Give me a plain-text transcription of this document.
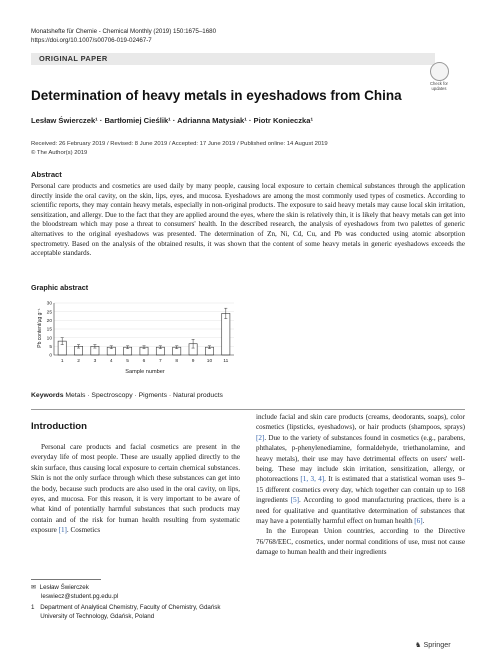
Monatshefte für Chemie - Chemical Monthly (2019) 150:1675–1680
https://doi.org/10.1007/s00706-019-02467-7
ORIGINAL PAPER
Check for
updates
Determination of heavy metals in eyeshadows from China
Lesław Świerczek¹ · Bartłomiej Cieślik¹ · Adrianna Matysiak¹ · Piotr Konieczka¹
Received: 26 February 2019 / Revised: 8 June 2019 / Accepted: 17 June 2019 / Published online: 14 August 2019
© The Author(s) 2019
Abstract
Personal care products and cosmetics are used daily by many people, causing local exposure to certain chemical substances through the application directly inside the oral cavity, on the skin, lips, eyes, and mucosa. Eyeshadows are among the most commonly used types of cosmetics. According to scientific reports, they may contain heavy metals, especially in non-original products. The exposure to said heavy metals may cause local skin irritation, sensitization, and allergy. Due to the fact that they are applied around the eyes, where the skin is relatively thin, it is likely that heavy metals can get into the bloodstream which may pose a threat to consumers' health. In the described research, the analysis of eyeshadows from two palettes of generic alternatives to the original eyeshadows was presented. The determination of Zn, Ni, Cd, Cu, and Pb was conducted using atomic absorption spectrometry. Based on the analysis of the obtained results, it was shown that the content of some heavy metals in generic eyeshadows exceeds the acceptable standards.
Graphic abstract
0
5
10
15
20
25
30
1	2	3	4	5	6	7	8	9	10 11
Pb content/µg g⁻¹
Sample number
Keywords Metals · Spectroscopy · Pigments · Natural products
Introduction

Personal care products and facial cosmetics are present in the everyday life of most people. These are usually applied directly to the skin surface, thus causing local exposure to certain chemical substances. Skin is not the only surface through which these substances can get into the body, because such products are also used in the oral cavity, on lips, eyes, and mucosa. For this reason, it is very important to be aware of what kind of potentially harmful substances that such products may contain and of the risk for human health resulting from systematic exposure [1]. Cosmetics

include facial and skin care products (creams, deodorants, soaps), color cosmetics (lipsticks, eyeshadows), or hair products (shampoos, sprays) [2]. Due to the variety of substances found in cosmetics (e.g., parabens, phthalates, p-phenylenediamine, formaldehyde, triethanolamine, and heavy metals), their use may have detrimental effects on users' well-being. These may include skin irritation, sensitization, allergy, or photoreactions [1, 3, 4]. It is estimated that a statistical woman uses 9–15 different cosmetics every day, which together can contain up to 168 ingredients [5]. According to good manufacturing practices, there is a need for qualitative and quantitative determination of substances that may have a potentially harmful effect on human health [6].

In the European Union countries, according to the Directive 76/768/EEC, cosmetics, under normal conditions of use, must not cause damage to human health and their ingredients

✉ Lesław Świerczek
leswiecz@student.pg.edu.pl
1 Department of Analytical Chemistry, Faculty of Chemistry, Gdańsk University of Technology, Gdańsk, Poland
♞ Springer
